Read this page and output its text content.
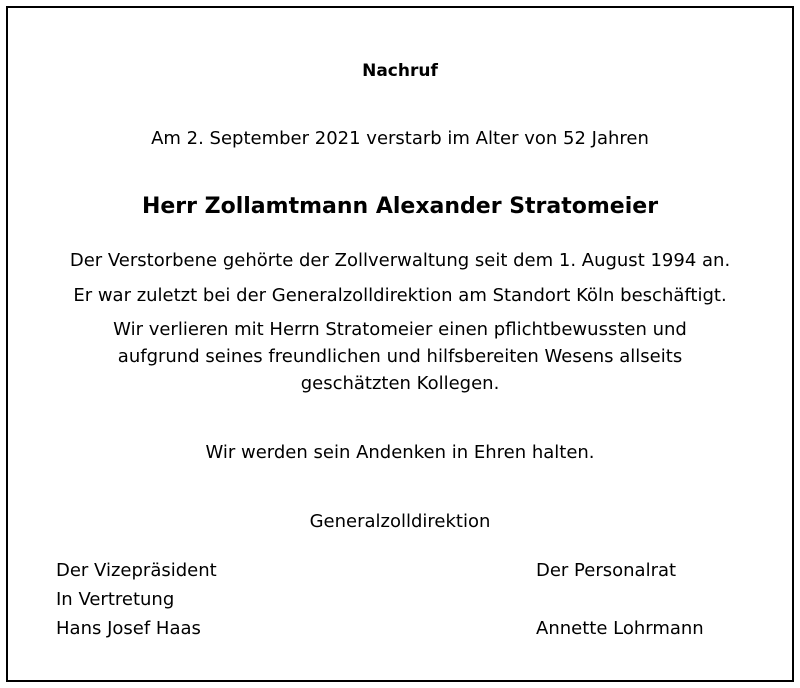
Nachruf
Am 2. September 2021 verstarb im Alter von 52 Jahren
Herr Zollamtmann Alexander Stratomeier
Der Verstorbene gehörte der Zollverwaltung seit dem 1. August 1994 an.
Er war zuletzt bei der Generalzolldirektion am Standort Köln beschäftigt.
Wir verlieren mit Herrn Stratomeier einen pflichtbewussten und
aufgrund seines freundlichen und hilfsbereiten Wesens allseits
geschätzten Kollegen.
Wir werden sein Andenken in Ehren halten.
Generalzolldirektion
Der Vizepräsident
In Vertretung
Hans Josef Haas
Der Personalrat
Annette Lohrmann
